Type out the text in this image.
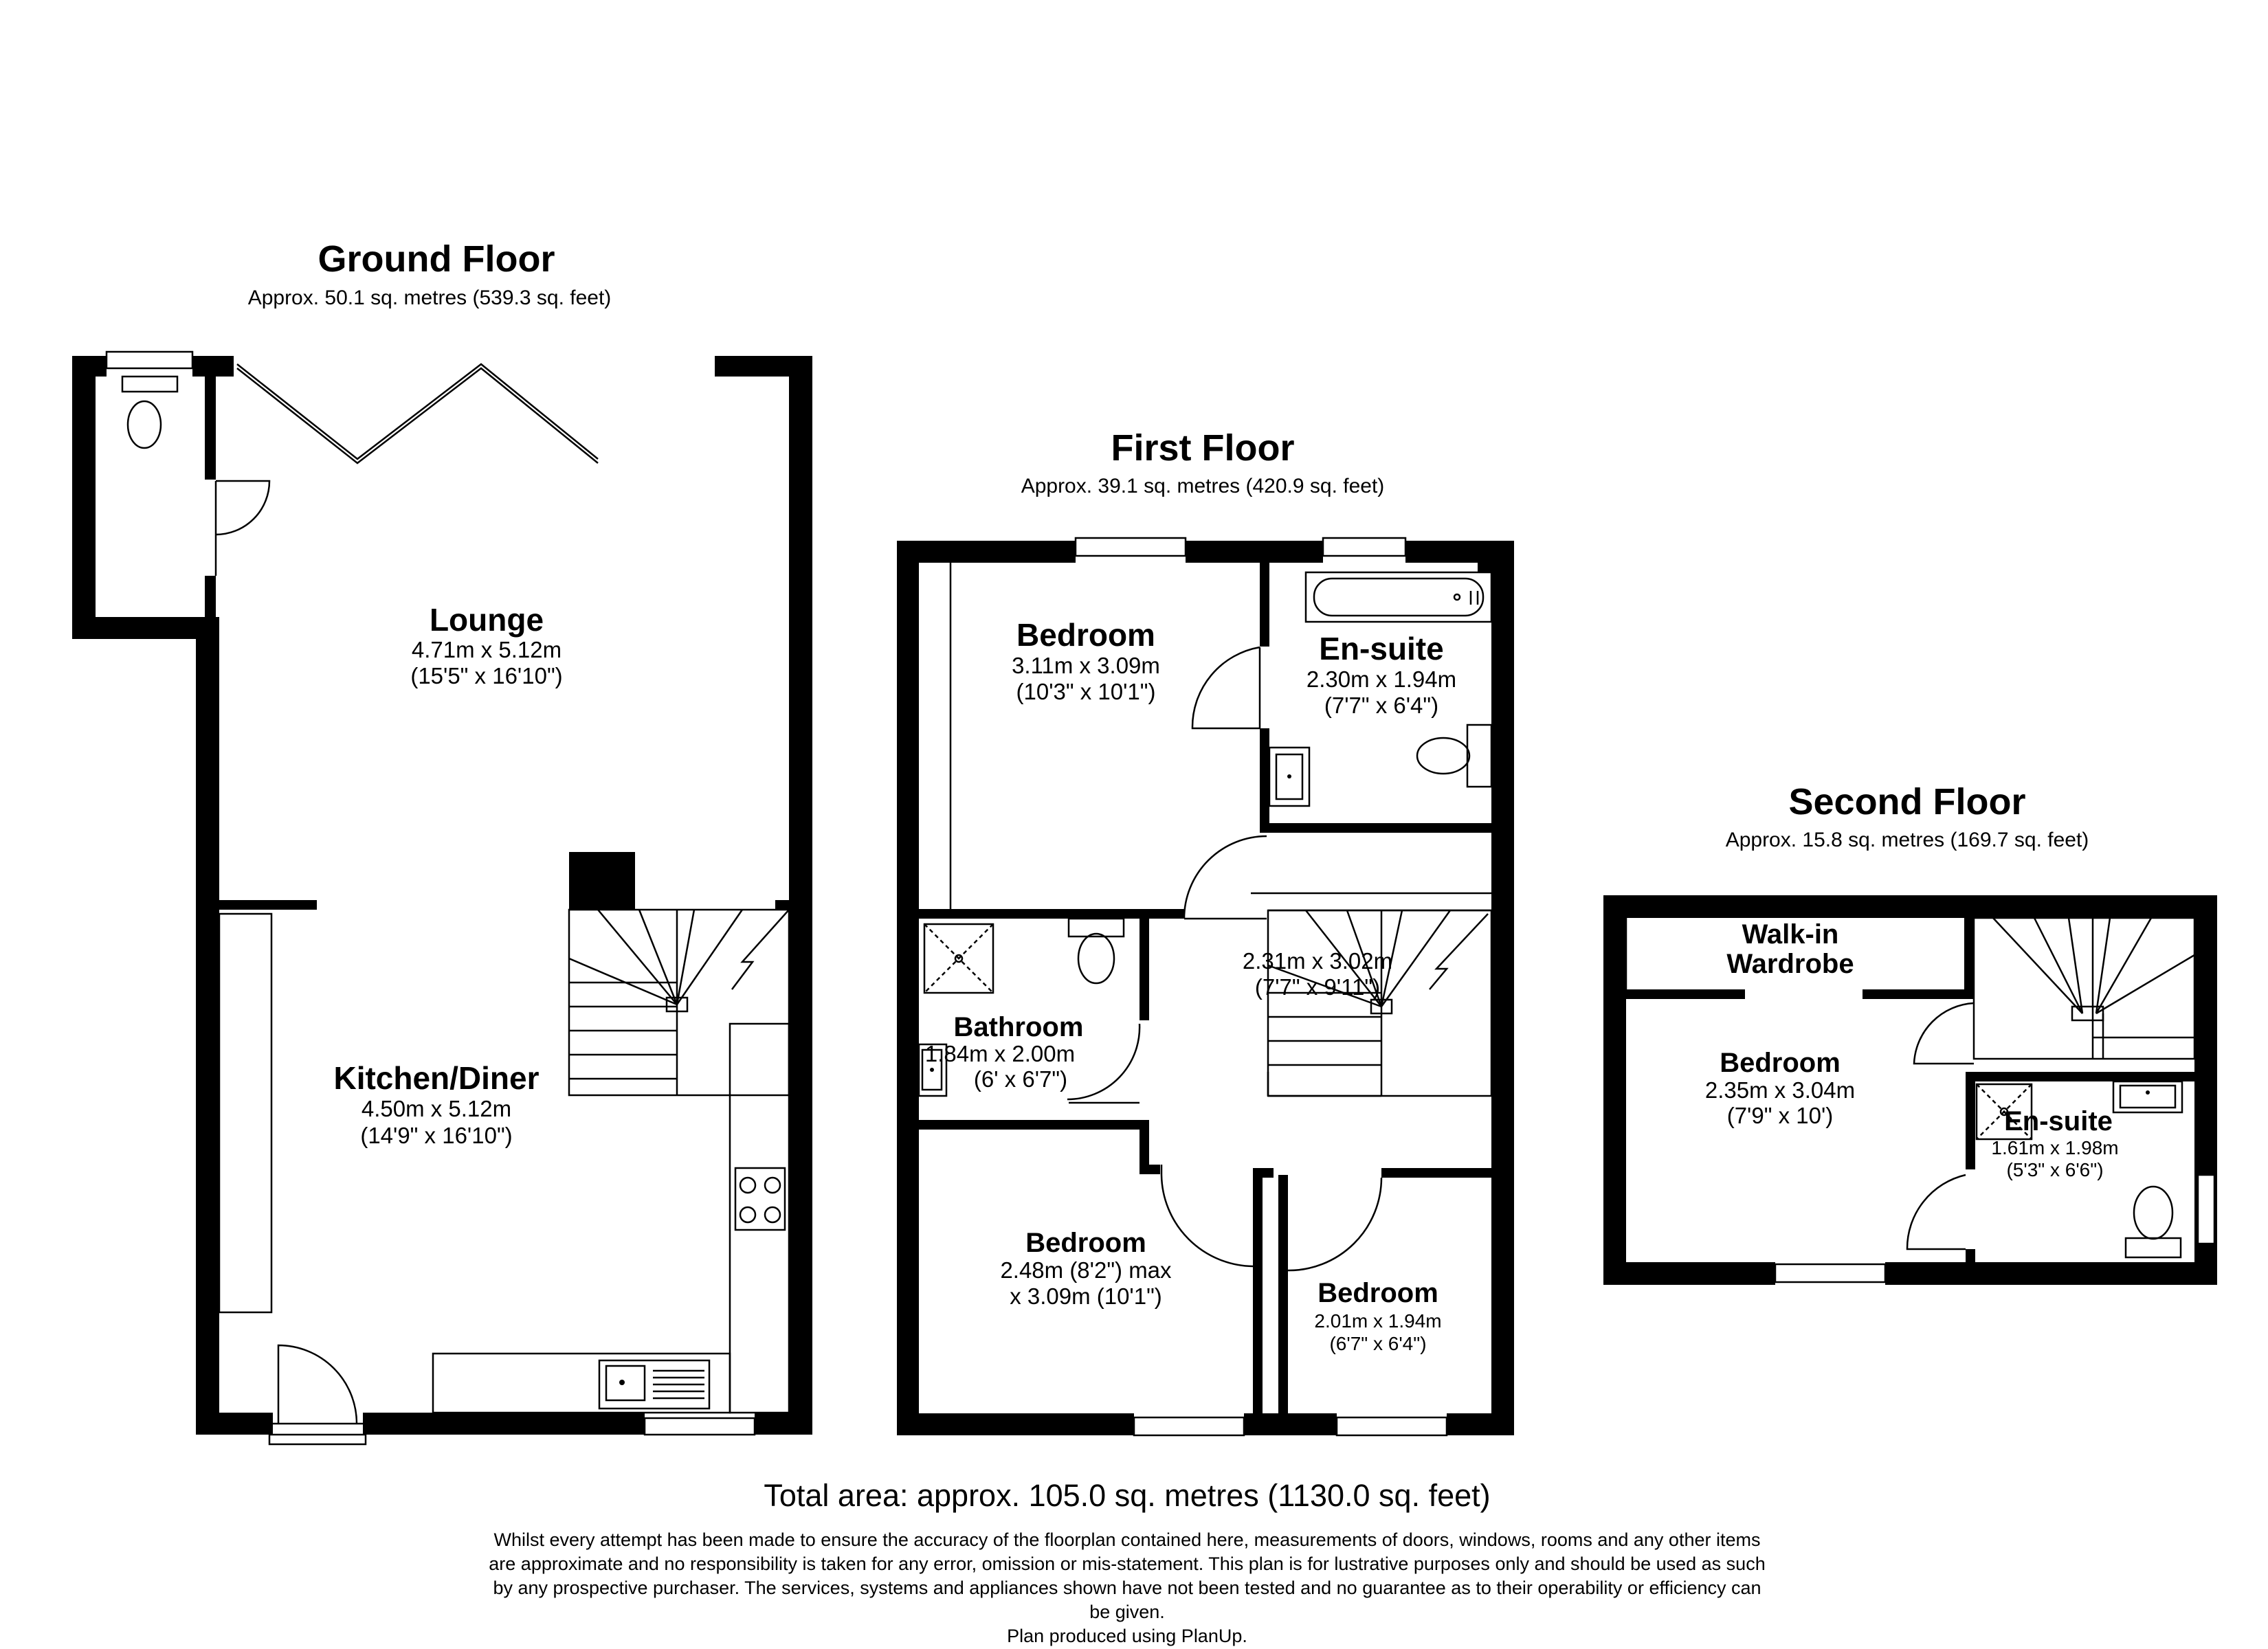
Ground Floor
Approx. 50.1 sq. metres (539.3 sq. feet)
Lounge
4.71m x 5.12m
(15'5" x 16'10")
Kitchen/Diner
4.50m x 5.12m
(14'9" x 16'10")
First Floor
Approx. 39.1 sq. metres (420.9 sq. feet)
Bedroom
3.11m x 3.09m
(10'3" x 10'1")
En-suite
2.30m x 1.94m
(7'7" x 6'4")
2.31m x 3.02m
(7'7" x 9'11")
Bathroom
1.84m x 2.00m
(6' x 6'7")
Bedroom
2.48m (8'2") max
x 3.09m (10'1")	Bedroom
2.01m x 1.94m
(6'7" x 6'4")
Second Floor
Approx. 15.8 sq. metres (169.7 sq. feet)
Walk-in
Wardrobe
Bedroom
2.35m x 3.04m
(7'9" x 10')	En-suite
1.61m x 1.98m
(5'3" x 6'6")
Total area: approx. 105.0 sq. metres (1130.0 sq. feet)
Whilst every attempt has been made to ensure the accuracy of the floorplan contained here, measurements of doors, windows, rooms and any other items
are approximate and no responsibility is taken for any error, omission or mis-statement. This plan is for lustrative purposes only and should be used as such
by any prospective purchaser. The services, systems and appliances shown have not been tested and no guarantee as to their operability or efficiency can
be given.
Plan produced using PlanUp.
